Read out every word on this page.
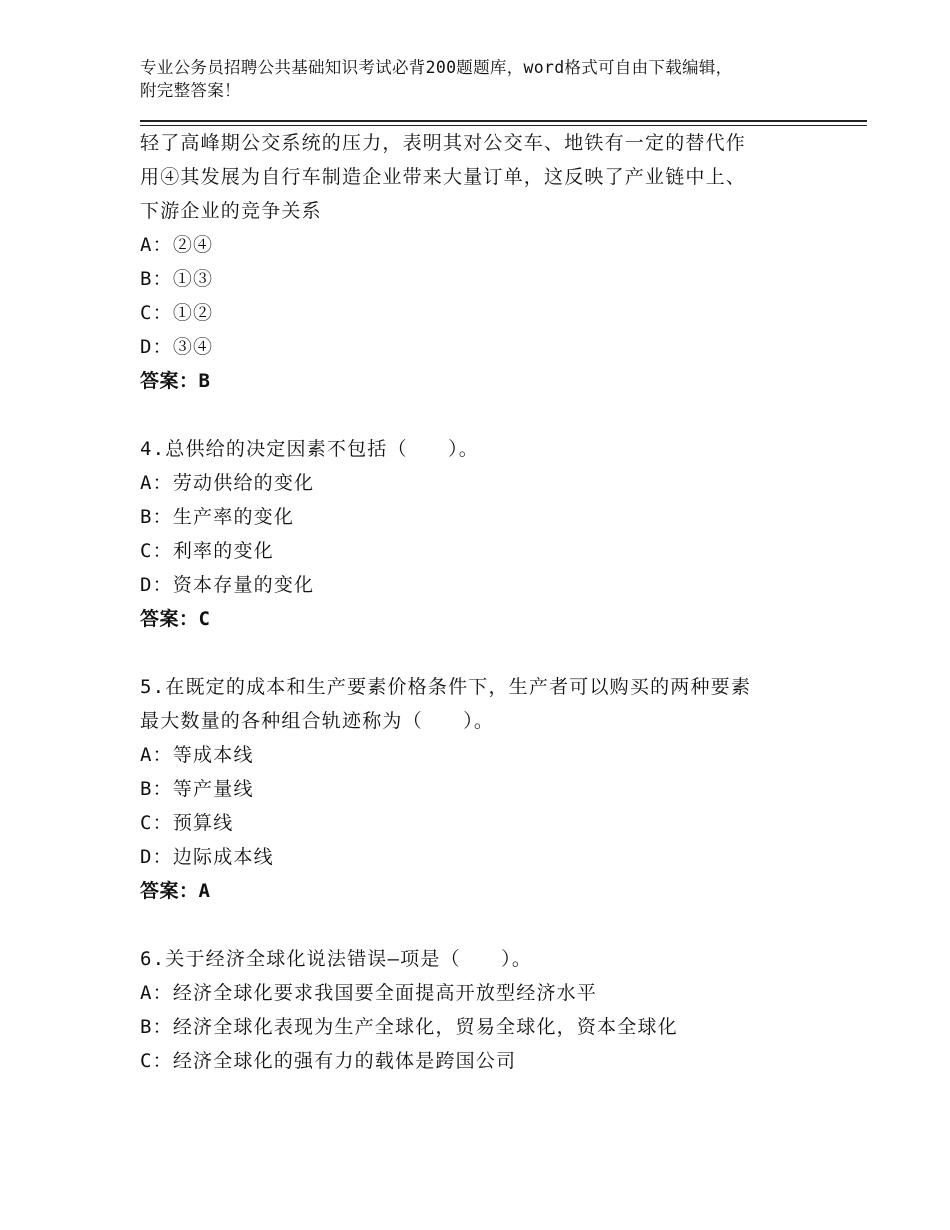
专业公务员招聘公共基础知识考试必背200题题库，word格式可自由下载编辑，
附完整答案！
轻了高峰期公交系统的压力，表明其对公交车、地铁有一定的替代作
用④其发展为自行车制造企业带来大量订单，这反映了产业链中上、
下游企业的竞争关系
A：②④
B：①③
C：①②
D：③④
答案：B
4.总供给的决定因素不包括（　　）。
A：劳动供给的变化
B：生产率的变化
C：利率的变化
D：资本存量的变化
答案：C
5.在既定的成本和生产要素价格条件下，生产者可以购买的两种要素
最大数量的各种组合轨迹称为（　　）。
A：等成本线
B：等产量线
C：预算线
D：边际成本线
答案：A
6.关于经济全球化说法错误—项是（　　）。
A：经济全球化要求我国要全面提高开放型经济水平
B：经济全球化表现为生产全球化，贸易全球化，资本全球化
C：经济全球化的强有力的载体是跨国公司
